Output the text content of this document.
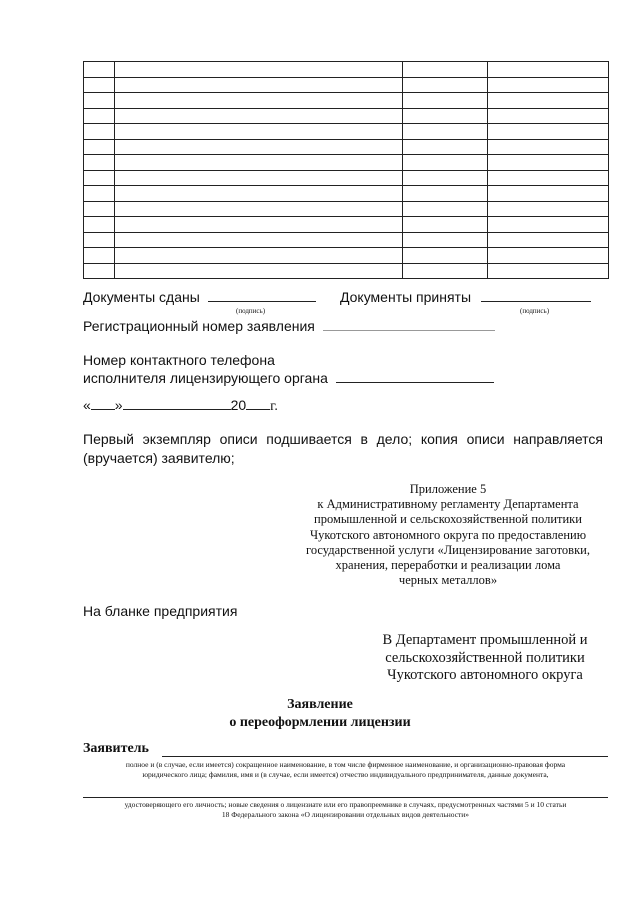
Документы сданы
(подпись)
Документы приняты
(подпись)
Регистрационный номер заявления
Номер контактного телефона
исполнителя лицензирующего органа
« »	20 г.
Первый экземпляр описи подшивается в дело; копия описи направляется (вручается) заявителю;
Приложение 5
к Административному регламенту Департамента
промышленной и сельскохозяйственной политики
Чукотского автономного округа по предоставлению
государственной услуги «Лицензирование заготовки,
хранения, переработки и реализации лома
черных металлов»
На бланке предприятия
В Департамент промышленной и
сельскохозяйственной политики
Чукотского автономного округа
Заявление
о переоформлении лицензии
Заявитель
полное и (в случае, если имеется) сокращенное наименование, в том числе фирменное наименование, и организационно-правовая форма
юридического лица; фамилия, имя и (в случае, если имеется) отчество индивидуального предпринимателя, данные документа,
удостоверяющего его личность; новые сведения о лицензиате или его правопреемнике в случаях, предусмотренных частями 5 и 10 статьи
18 Федерального закона «О лицензировании отдельных видов деятельности»
